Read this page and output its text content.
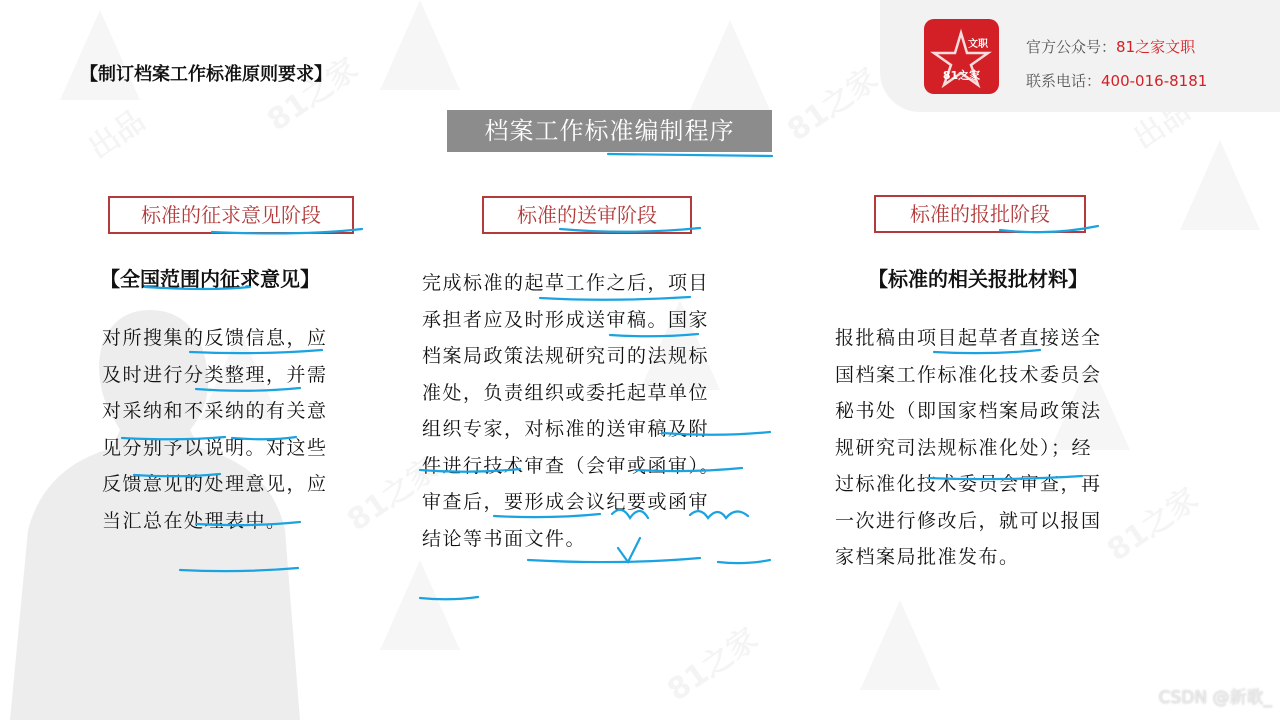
文职
81之家
官方公众号：81之家文职
联系电话：400-016-8181
【制订档案工作标准原则要求】
档案工作标准编制程序
标准的征求意见阶段
【全国范围内征求意见】
对所搜集的反馈信息，应
及时进行分类整理，并需
对采纳和不采纳的有关意
见分别予以说明。对这些
反馈意见的处理意见，应
当汇总在处理表中。
标准的送审阶段
完成标准的起草工作之后，项目
承担者应及时形成送审稿。国家
档案局政策法规研究司的法规标
准处，负责组织或委托起草单位
组织专家，对标准的送审稿及附
件进行技术审查（会审或函审）。
审查后，要形成会议纪要或函审
结论等书面文件。
标准的报批阶段
【标准的相关报批材料】
报批稿由项目起草者直接送全
国档案工作标准化技术委员会
秘书处（即国家档案局政策法
规研究司法规标准化处）；经
过标准化技术委员会审查，再
一次进行修改后，就可以报国
家档案局批准发布。
CSDN @新歌_
